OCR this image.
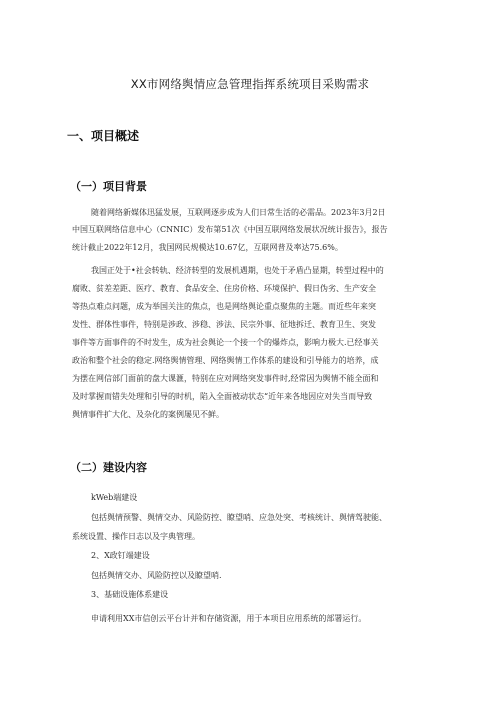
XX市网络舆情应急管理指挥系统项目采购需求
一、项目概述
（一）项目背景
随着网络新媒体迅猛发展，互联网逐步成为人们日常生活的必需品。2023年3月2日
中国互联网络信息中心（CNNIC）发布第51次《中国互联网络发展状况统计报告》，报告
统计截止2022年12月，我国网民规模达10.67亿，互联网普及率达75.6%。
我国正处于•社会转轨、经济转型的发展机遇期，也处于矛盾凸显期，转型过程中的
腐败、贫差差距、医疗、教育、食品安全、住房价格、环境保护、假日伪劣、生产安全
等热点难点问题，成为举国关注的焦点，也是网络舆论重点聚焦的主题。而近些年来突
发性、群体性事件，特别是涉政、涉稳、涉法、民宗外事、征地拆迁、教育卫生、突发
事件等方面事件的不时发生，成为社会舆论一个接一个的爆炸点，影响力极大.已经事关
政治和整个社会的稳定.网络舆情管理、网络舆情工作体系的建设和引导能力的培养，成
为摆在网信部门面前的盘大课滙，特别在应对网络突发事件时,经常因为舆情不能全面和
及时掌握而错失处理和引导的时机，陷入全面被动状态“近年来各地因应对失当而导致
舆情事件扩大化、及杂化的案例屡见不鲜。
（二）建设内容
kWeb端建设
包括舆情预警、舆情交办、风险防控、瞭望哨、应急处突、考核统计、舆情驾驶能、
系统设置、操作日志以及字典管理。
2、X政钉端建设
包括舆情交办、风险防控以及瞭望哨.
3、基础设施体系建设
申请利用XX市信创云平台计并和存储资源，用于本项目应用系统的部署运行。
